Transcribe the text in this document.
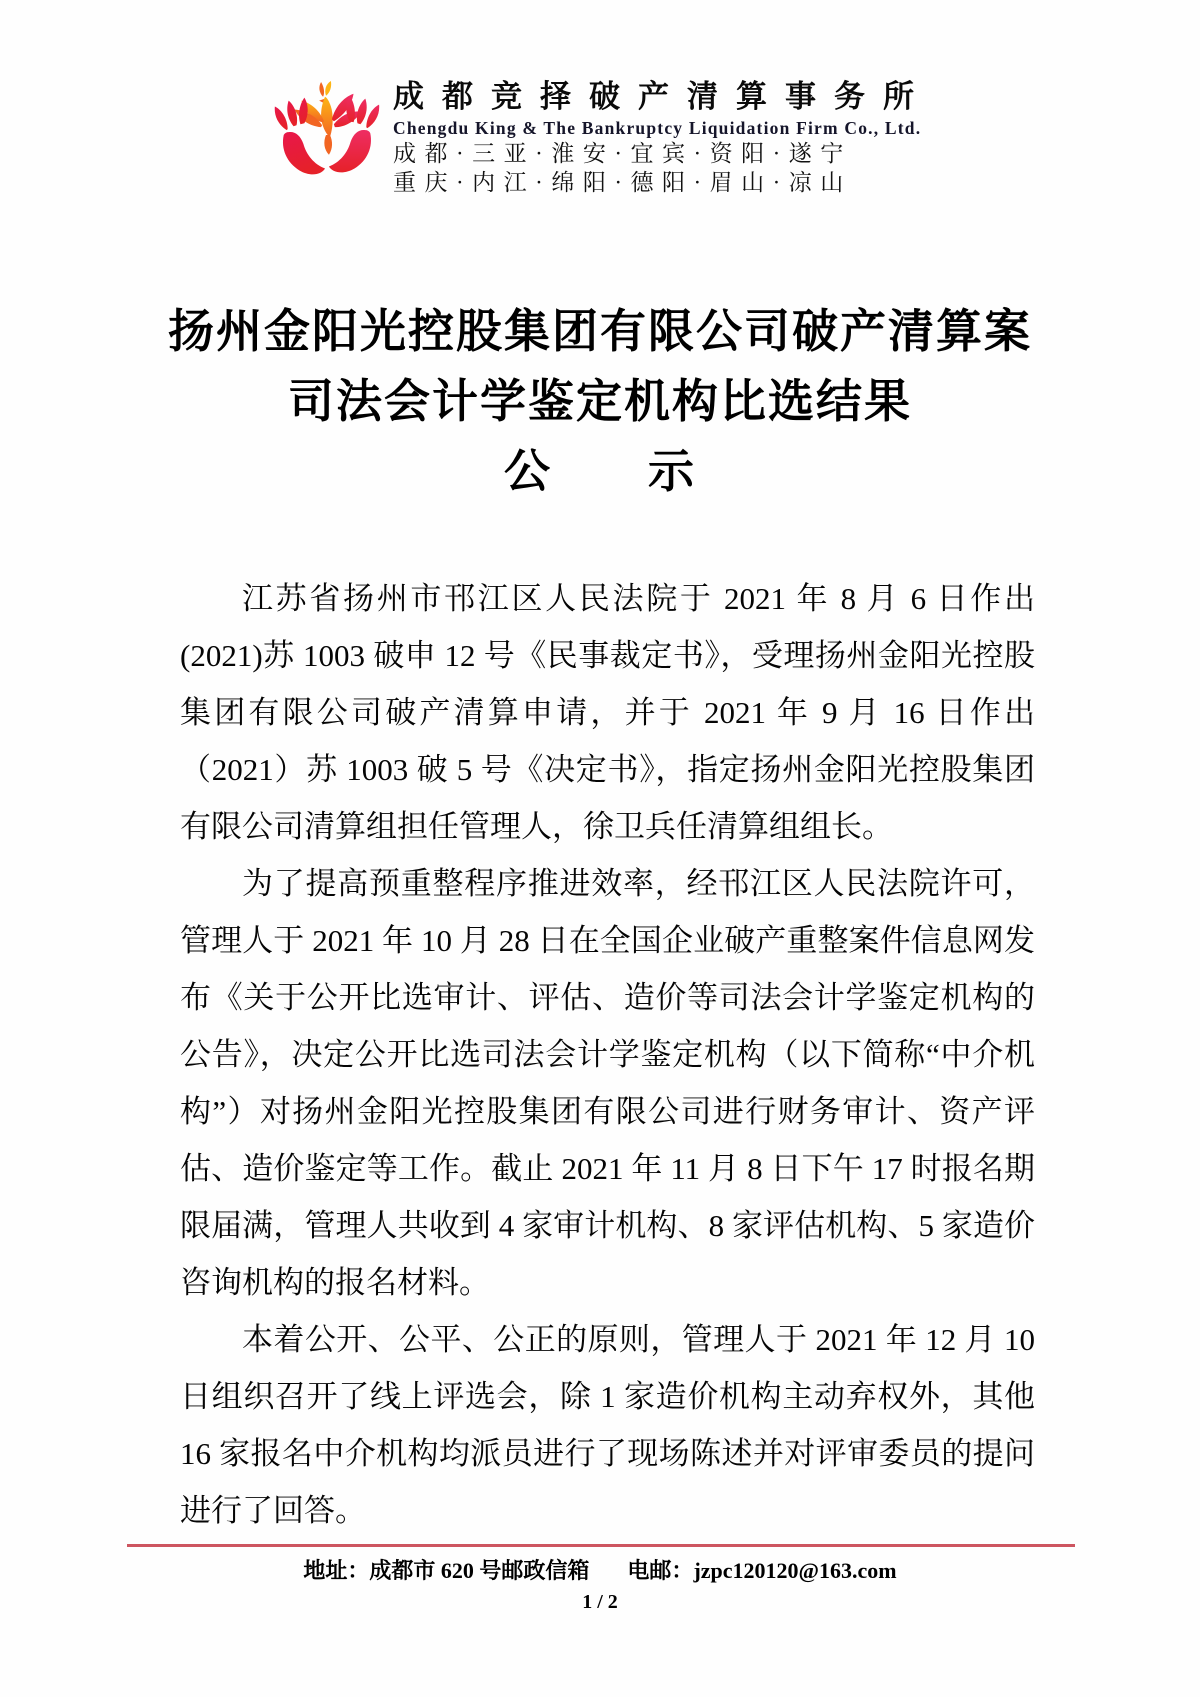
成都竞择破产清算事务所
Chengdu King & The Bankruptcy Liquidation Firm Co., Ltd.
成都·三亚·淮安·宜宾·资阳·遂宁
重庆·内江·绵阳·德阳·眉山·凉山
扬州金阳光控股集团有限公司破产清算案
司法会计学鉴定机构比选结果
公　　示

江苏省扬州市邗江区人民法院于 2021 年 8 月 6 日作出(2021)苏 1003 破申 12 号《民事裁定书》，受理扬州金阳光控股集团有限公司破产清算申请，并于 2021 年 9 月 16 日作出（2021）苏 1003 破 5 号《决定书》，指定扬州金阳光控股集团有限公司清算组担任管理人，徐卫兵任清算组组长。

为了提高预重整程序推进效率，经邗江区人民法院许可，管理人于 2021 年 10 月 28 日在全国企业破产重整案件信息网发布《关于公开比选审计、评估、造价等司法会计学鉴定机构的公告》，决定公开比选司法会计学鉴定机构（以下简称“中介机构”）对扬州金阳光控股集团有限公司进行财务审计、资产评估、造价鉴定等工作。截止 2021 年 11 月 8 日下午 17 时报名期限届满，管理人共收到 4 家审计机构、8 家评估机构、5 家造价咨询机构的报名材料。

本着公开、公平、公正的原则，管理人于 2021 年 12 月 10 日组织召开了线上评选会，除 1 家造价机构主动弃权外，其他 16 家报名中介机构均派员进行了现场陈述并对评审委员的提问进行了回答。

地址：成都市 620 号邮政信箱 电邮：jzpc120120@163.com
1 / 2
